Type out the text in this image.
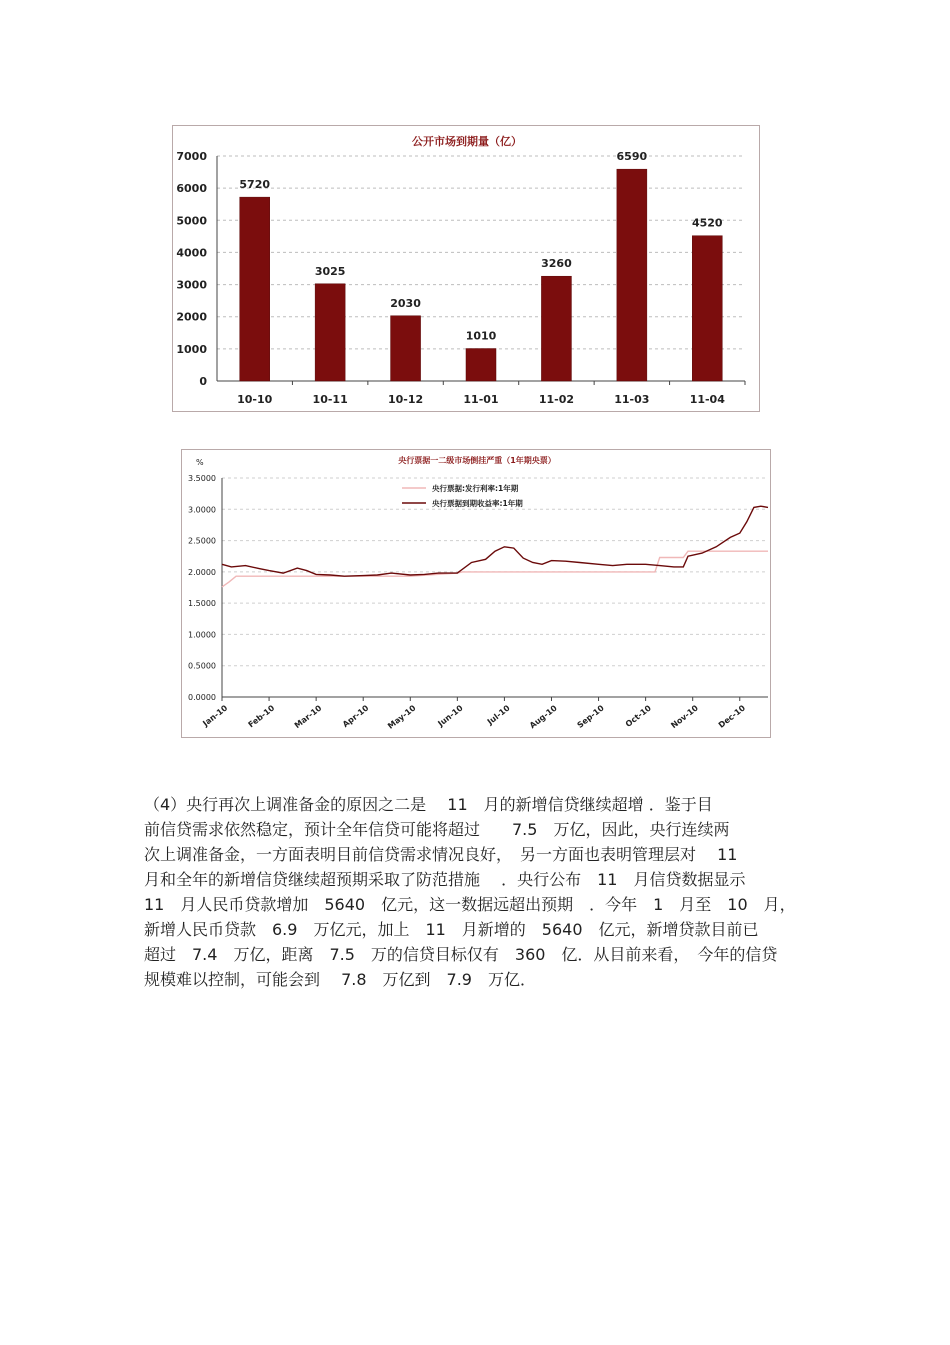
公开市场到期量（亿）
0
1000
2000
3000
4000
5000
6000
7000
5720
10-10
3025
10-11
2030
10-12
1010
11-01
3260
11-02
6590
11-03
4520
11-04
央行票据一二级市场倒挂严重（1年期央票）
%
0.0000
0.5000
1.0000
1.5000
2.0000
2.5000
3.0000
3.5000
Jan-10 Feb-10 Mar-10 Apr-10 May-10 Jun-10	Jul-10 Aug-10 Sep-10 Oct-10 Nov-10 Dec-10
央行票据:发行利率:1年期
央行票据到期收益率:1年期

（4）央行再次上调准备金的原因之二是　 11　月的新增信贷继续超增 ．鉴于目
前信贷需求依然稳定，预计全年信贷可能将超过　　7.5　万亿，因此，央行连续两
次上调准备金，一方面表明目前信贷需求情况良好，　另一方面也表明管理层对　 11
月和全年的新增信贷继续超预期采取了防范措施　 ．央行公布　11　月信贷数据显示
11　月人民币贷款增加　5640　亿元，这一数据远超出预期　．今年　1　月至　10　月，
新增人民币贷款　6.9　万亿元，加上　11　月新增的　5640　亿元，新增贷款目前已
超过　7.4　万亿，距离　7.5　万的信贷目标仅有　360　亿．从目前来看，　今年的信贷
规模难以控制，可能会到　 7.8　万亿到　7.9　万亿．
